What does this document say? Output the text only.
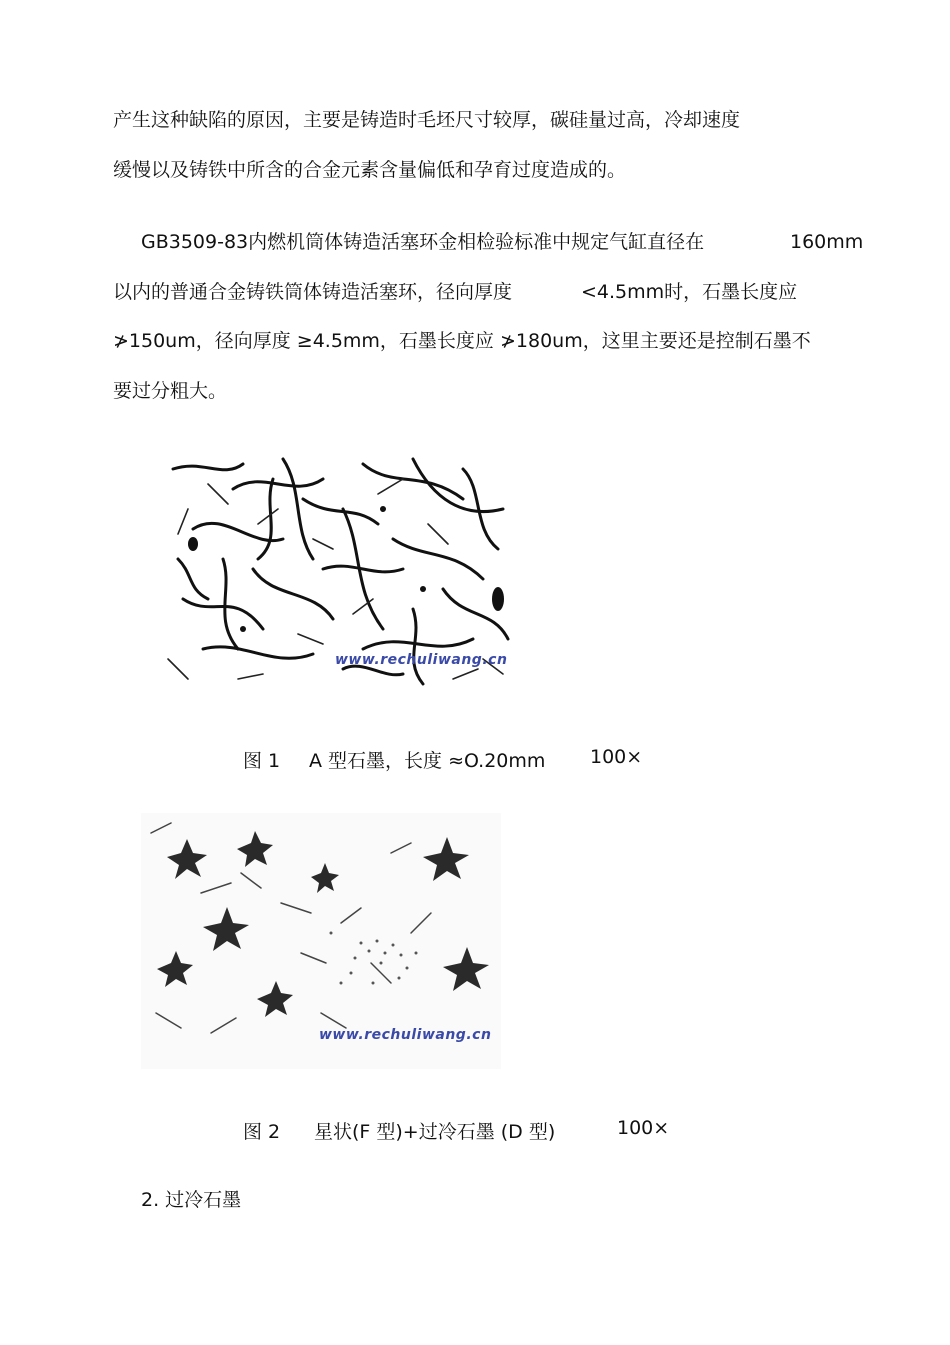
产生这种缺陷的原因，主要是铸造时毛坯尺寸较厚，碳硅量过高，冷却速度
缓慢以及铸铁中所含的合金元素含量偏低和孕育过度造成的。
GB3509-83内燃机筒体铸造活塞环金相检验标准中规定气缸直径在	160mm
以内的普通合金铸铁筒体铸造活塞环，径向厚度	<4.5mm时，石墨长度应
≯150um，径向厚度 ≥4.5mm，石墨长度应 ≯180um，这里主要还是控制石墨不
要过分粗大。
www.rechuliwang.cn
图 1 A 型石墨，长度 ≈O.20mm 100×
www.rechuliwang.cn
图 2 星状(F 型)+过冷石墨 (D 型)	100×
2. 过冷石墨
